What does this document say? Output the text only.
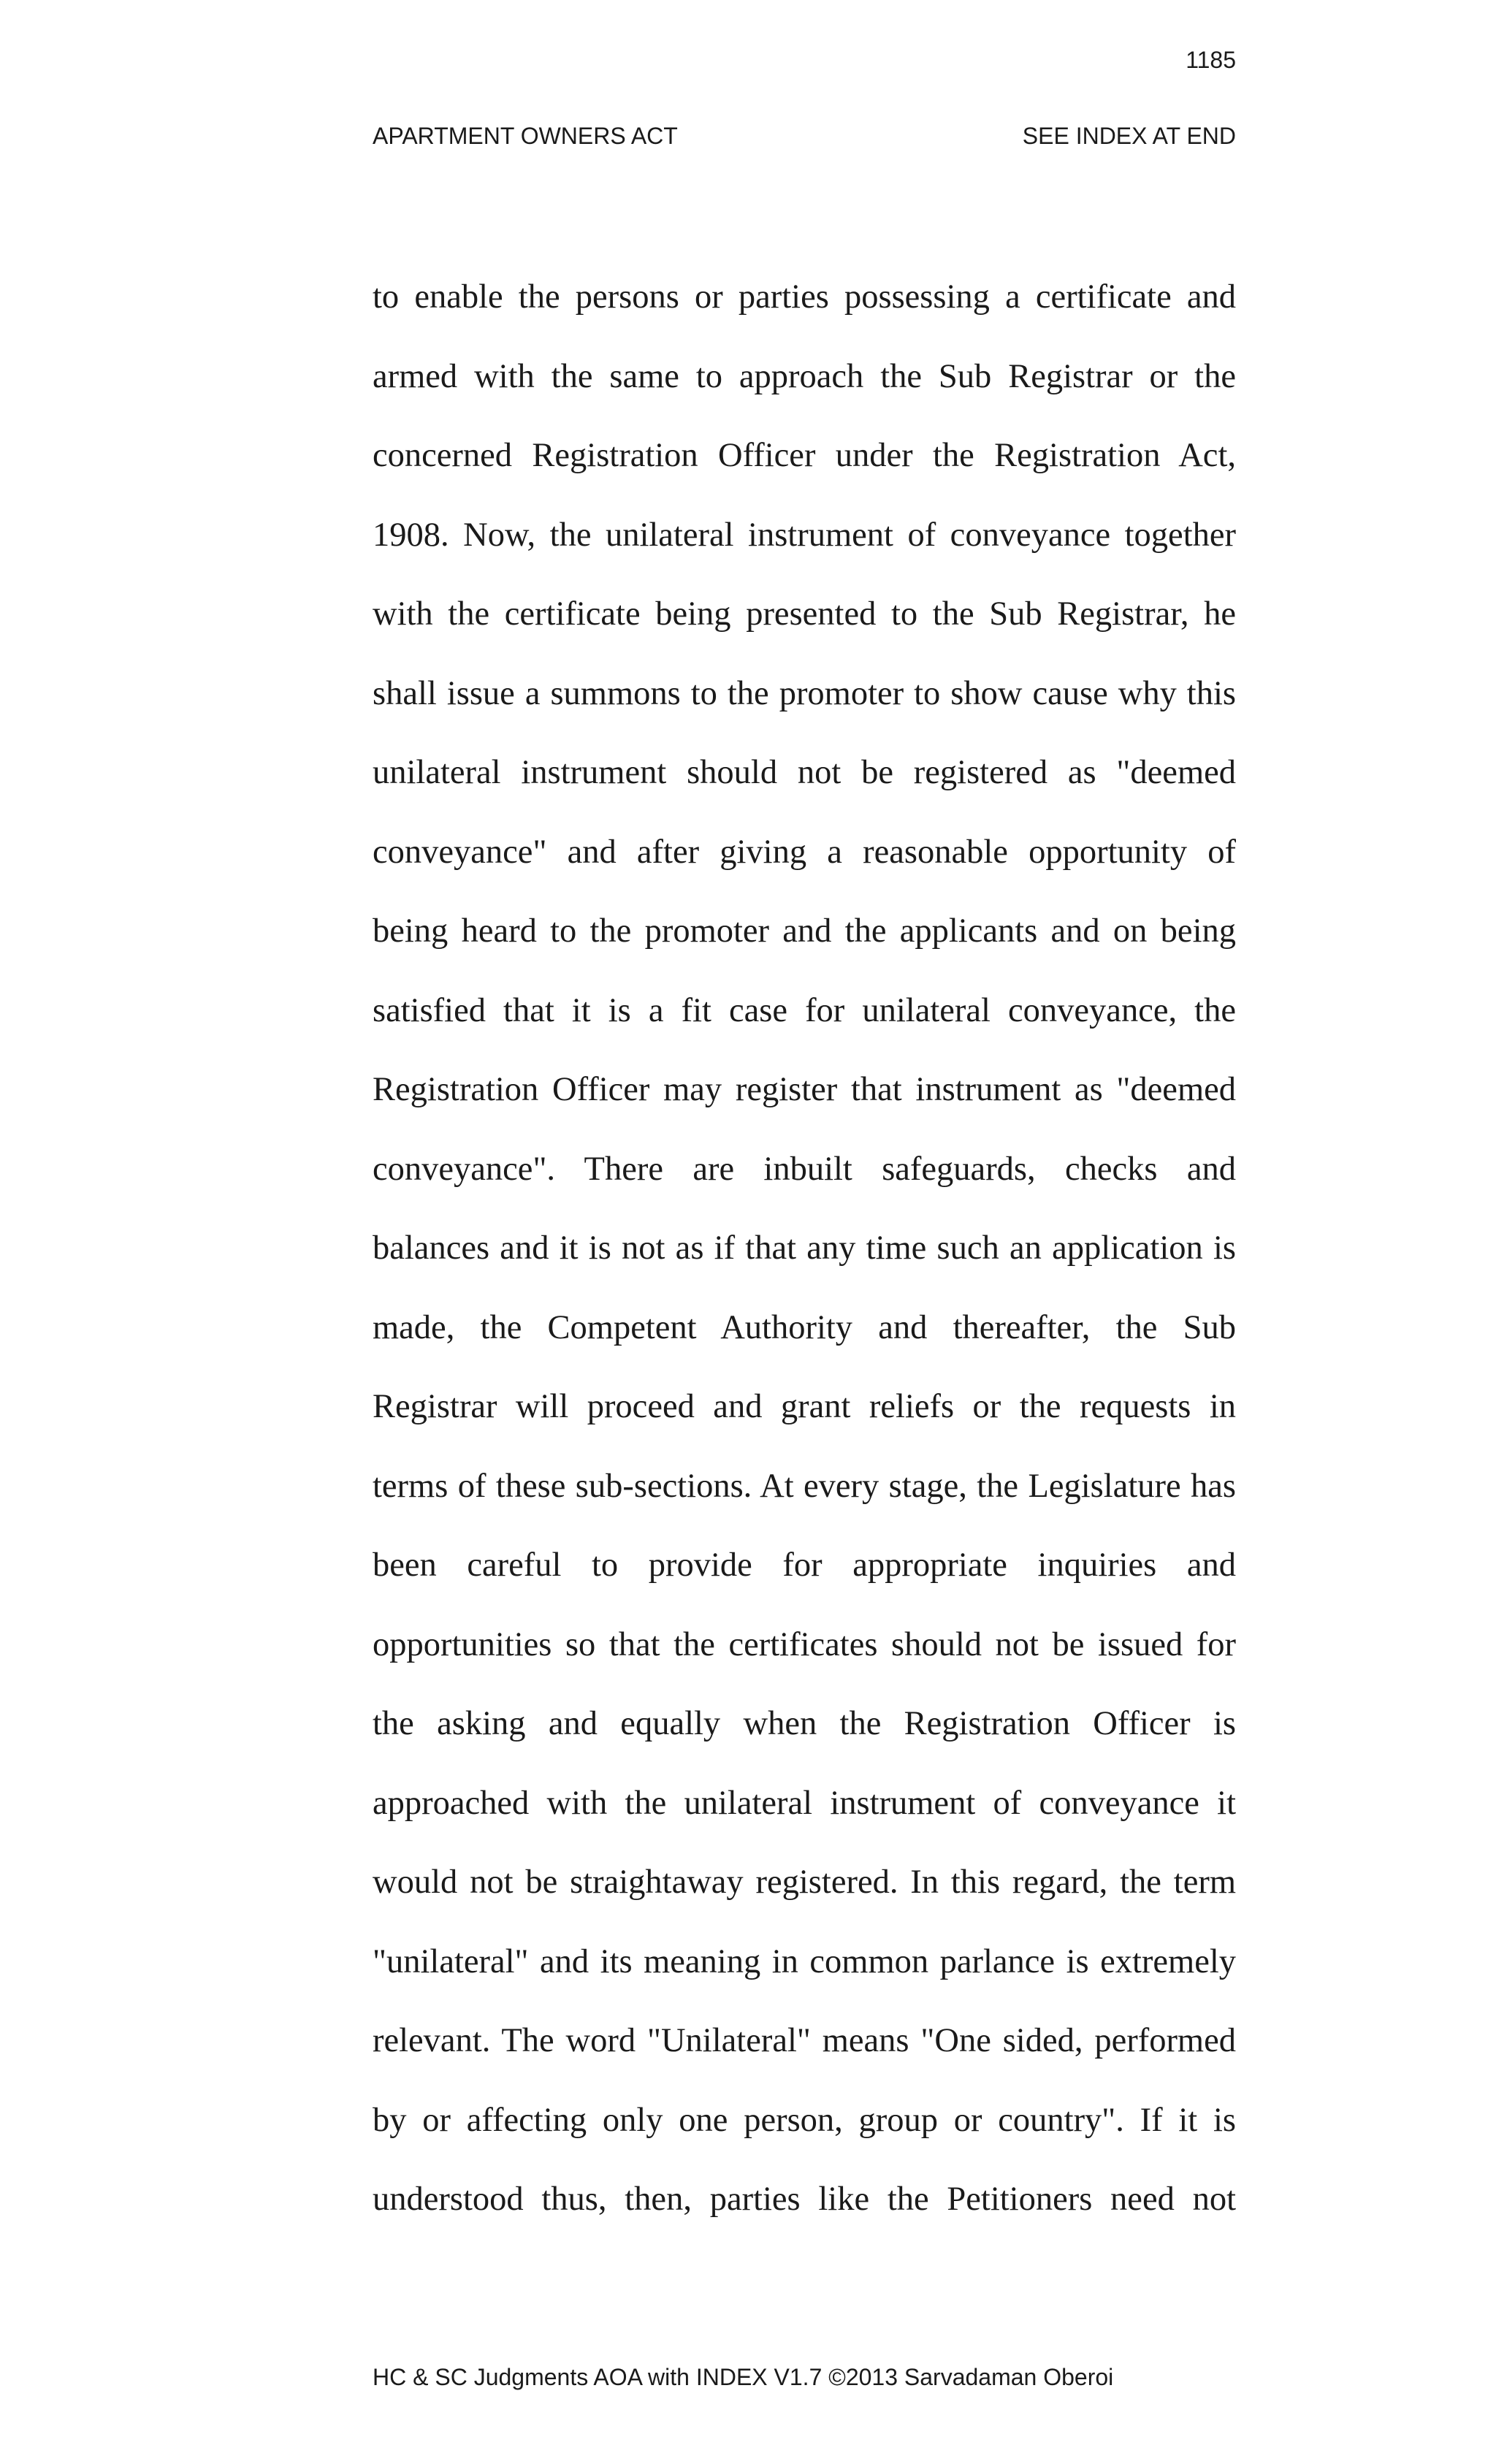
1185
APARTMENT OWNERS ACT	SEE INDEX AT END
to enable the persons or parties possessing a certificate and
armed with the same to approach the Sub Registrar or the
concerned Registration Officer under the Registration Act,
1908. Now, the unilateral instrument of conveyance together
with the certificate being presented to the Sub Registrar, he
shall issue a summons to the promoter to show cause why this
unilateral instrument should not be registered as "deemed
conveyance" and after giving a reasonable opportunity of
being heard to the promoter and the applicants and on being
satisfied that it is a fit case for unilateral conveyance, the
Registration Officer may register that instrument as "deemed
conveyance". There are inbuilt safeguards, checks and
balances and it is not as if that any time such an application is
made, the Competent Authority and thereafter, the Sub
Registrar will proceed and grant reliefs or the requests in
terms of these sub-sections. At every stage, the Legislature has
been careful to provide for appropriate inquiries and
opportunities so that the certificates should not be issued for
the asking and equally when the Registration Officer is
approached with the unilateral instrument of conveyance it
would not be straightaway registered. In this regard, the term
"unilateral" and its meaning in common parlance is extremely
relevant. The word "Unilateral" means "One sided, performed
by or affecting only one person, group or country". If it is
understood thus, then, parties like the Petitioners need not
HC & SC Judgments AOA with INDEX V1.7 ©2013 Sarvadaman Oberoi
